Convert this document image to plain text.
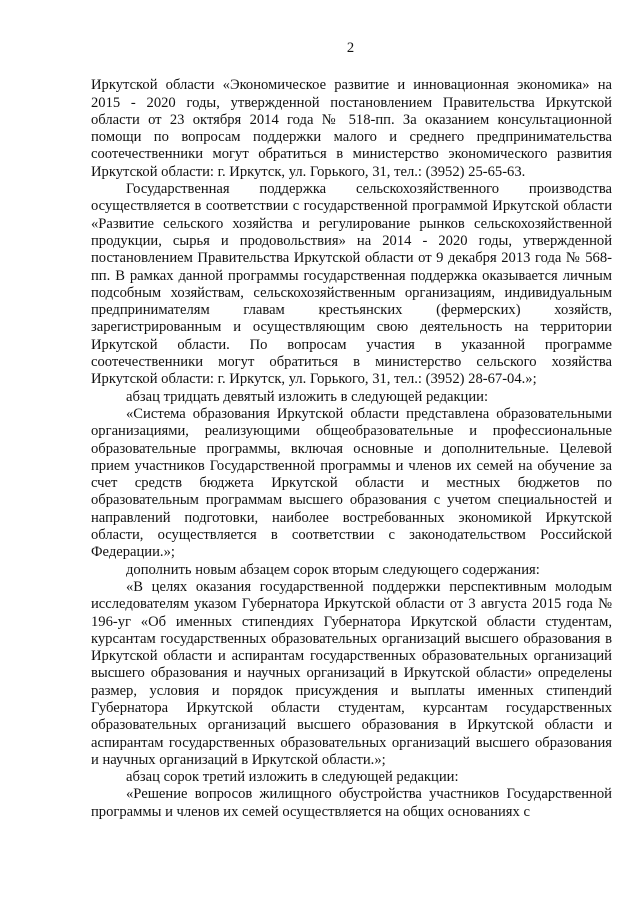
2

Иркутской области «Экономическое развитие и инновационная экономика» на 2015 - 2020 годы, утвержденной постановлением Правительства Иркутской области от 23 октября 2014 года № 518-пп. За оказанием консультационной помощи по вопросам поддержки малого и среднего предпринимательства соотечественники могут обратиться в министерство экономического развития Иркутской области: г. Иркутск, ул. Горького, 31, тел.: (3952) 25-65-63.

Государственная поддержка сельскохозяйственного производства осуществляется в соответствии с государственной программой Иркутской области «Развитие сельского хозяйства и регулирование рынков сельскохозяйственной продукции, сырья и продовольствия» на 2014 - 2020 годы, утвержденной постановлением Правительства Иркутской области от 9 декабря 2013 года № 568-пп. В рамках данной программы государственная поддержка оказывается личным подсобным хозяйствам, сельскохозяйственным организациям, индивидуальным предпринимателям главам крестьянских (фермерских) хозяйств, зарегистрированным и осуществляющим свою деятельность на территории Иркутской области. По вопросам участия в указанной программе соотечественники могут обратиться в министерство сельского хозяйства Иркутской области: г. Иркутск, ул. Горького, 31, тел.: (3952) 28-67-04.»;

абзац тридцать девятый изложить в следующей редакции:

«Система образования Иркутской области представлена образовательными организациями, реализующими общеобразовательные и профессиональные образовательные программы, включая основные и дополнительные. Целевой прием участников Государственной программы и членов их семей на обучение за счет средств бюджета Иркутской области и местных бюджетов по образовательным программам высшего образования с учетом специальностей и направлений подготовки, наиболее востребованных экономикой Иркутской области, осуществляется в соответствии с законодательством Российской Федерации.»;

дополнить новым абзацем сорок вторым следующего содержания:

«В целях оказания государственной поддержки перспективным молодым исследователям указом Губернатора Иркутской области от 3 августа 2015 года № 196-уг «Об именных стипендиях Губернатора Иркутской области студентам, курсантам государственных образовательных организаций высшего образования в Иркутской области и аспирантам государственных образовательных организаций высшего образования и научных организаций в Иркутской области» определены размер, условия и порядок присуждения и выплаты именных стипендий Губернатора Иркутской области студентам, курсантам государственных образовательных организаций высшего образования в Иркутской области и аспирантам государственных образовательных организаций высшего образования и научных организаций в Иркутской области.»;

абзац сорок третий изложить в следующей редакции:

«Решение вопросов жилищного обустройства участников Государственной программы и членов их семей осуществляется на общих основаниях с
